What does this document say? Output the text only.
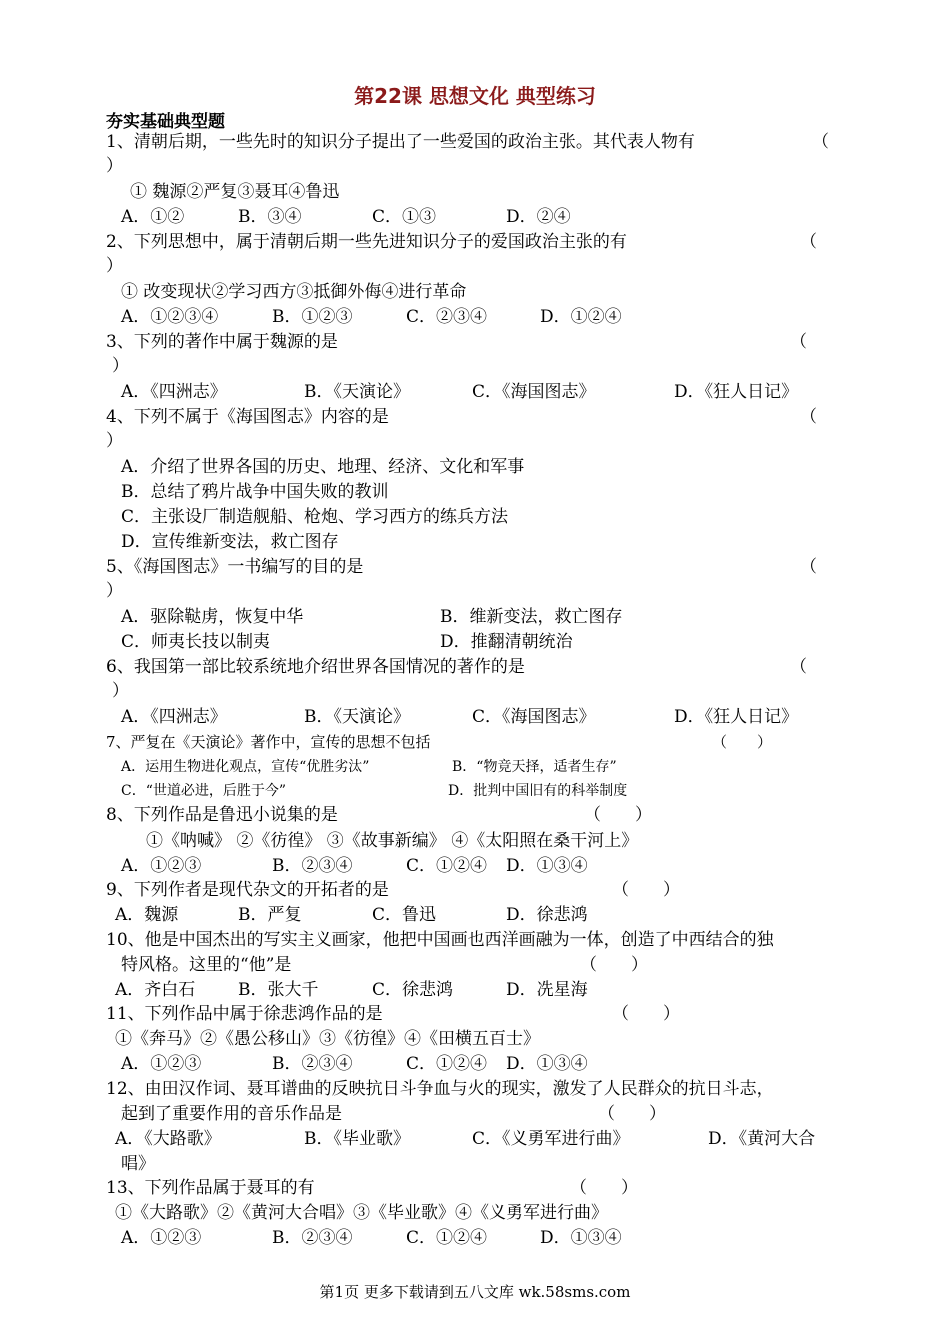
第22课 思想文化 典型练习
夯实基础典型题
1、清朝后期，一些先时的知识分子提出了一些爱国的政治主张。其代表人物有	（
）
① 魏源②严复③聂耳④鲁迅
A．①②	B．③④	C．①③	D．②④
2、下列思想中，属于清朝后期一些先进知识分子的爱国政治主张的有	（
）
① 改变现状②学习西方③抵御外侮④进行革命
A．①②③④	B．①②③	C．②③④	D．①②④
3、下列的著作中属于魏源的是	（
）
A．《四洲志》	B．《天演论》	C．《海国图志》	D．《狂人日记》
4、下列不属于《海国图志》内容的是	（
）
A．介绍了世界各国的历史、地理、经济、文化和军事
B．总结了鸦片战争中国失败的教训
C．主张设厂制造舰船、枪炮、学习西方的练兵方法
D．宣传维新变法，救亡图存
5、《海国图志》一书编写的目的是	（
）
A．驱除鞑虏，恢复中华	B．维新变法，救亡图存
C．师夷长技以制夷	D．推翻清朝统治
6、我国第一部比较系统地介绍世界各国情况的著作的是	（
）
A．《四洲志》	B．《天演论》	C．《海国图志》	D．《狂人日记》
7、严复在《天演论》著作中，宣传的思想不包括	（　　）
A．运用生物进化观点，宣传“优胜劣汰”	B．“物竞天择，适者生存”
C．“世道必进，后胜于今”	D．批判中国旧有的科举制度
8、下列作品是鲁迅小说集的是	（　　）
①《呐喊》 ②《彷徨》 ③《故事新编》 ④《太阳照在桑干河上》
A．①②③	B．②③④	C．①②④ D．①③④
9、下列作者是现代杂文的开拓者的是	（　　）
A．魏源	B．严复	C．鲁迅	D．徐悲鸿
10、他是中国杰出的写实主义画家，他把中国画也西洋画融为一体，创造了中西结合的独
特风格。这里的“他”是	（　　）
A．齐白石	B．张大千	C．徐悲鸿	D．冼星海
11、下列作品中属于徐悲鸿作品的是	（　　）
①《奔马》②《愚公移山》③《彷徨》④《田横五百士》
A．①②③	B．②③④	C．①②④ D．①③④
12、由田汉作词、聂耳谱曲的反映抗日斗争血与火的现实，激发了人民群众的抗日斗志，
起到了重要作用的音乐作品是	（　　）
A．《大路歌》	B．《毕业歌》	C．《义勇军进行曲》	D．《黄河大合
唱》
13、下列作品属于聂耳的有	（　　）
①《大路歌》②《黄河大合唱》③《毕业歌》④《义勇军进行曲》
A．①②③	B．②③④	C．①②④	D．①③④
第1页 更多下载请到五八文库 wk.58sms.com
